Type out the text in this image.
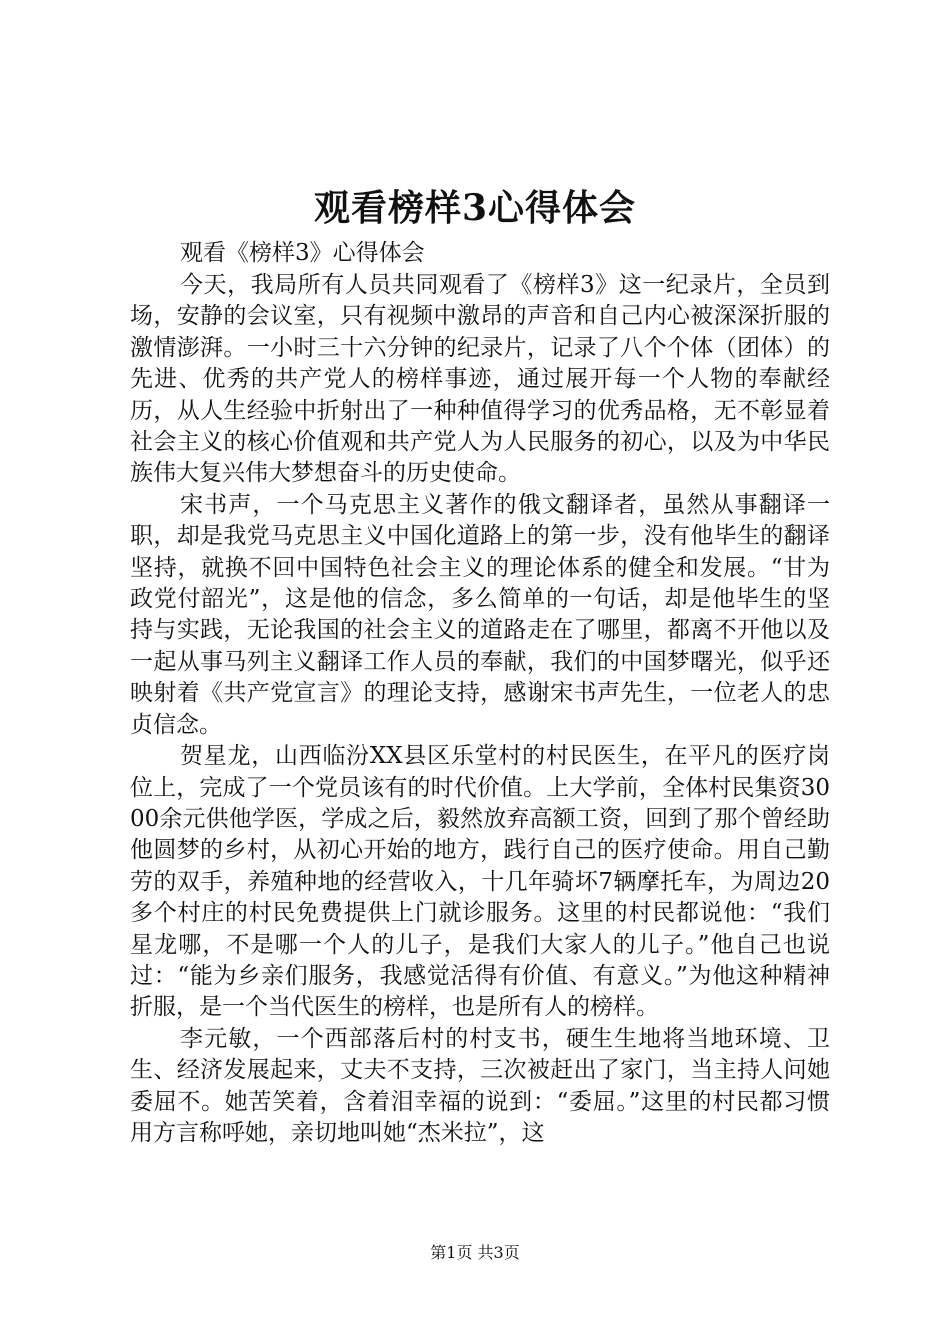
观看榜样3心得体会
观看《榜样3》心得体会

今天，我局所有人员共同观看了《榜样3》这一纪录片，全员到场，安静的会议室，只有视频中激昂的声音和自己内心被深深折服的激情澎湃。一小时三十六分钟的纪录片，记录了八个个体（团体）的先进、优秀的共产党人的榜样事迹，通过展开每一个人物的奉献经历，从人生经验中折射出了一种种值得学习的优秀品格，无不彰显着社会主义的核心价值观和共产党人为人民服务的初心，以及为中华民族伟大复兴伟大梦想奋斗的历史使命。

宋书声，一个马克思主义著作的俄文翻译者，虽然从事翻译一职，却是我党马克思主义中国化道路上的第一步，没有他毕生的翻译坚持，就换不回中国特色社会主义的理论体系的健全和发展。“甘为政党付韶光”，这是他的信念，多么简单的一句话，却是他毕生的坚持与实践，无论我国的社会主义的道路走在了哪里，都离不开他以及一起从事马列主义翻译工作人员的奉献，我们的中国梦曙光，似乎还映射着《共产党宣言》的理论支持，感谢宋书声先生，一位老人的忠贞信念。

贺星龙，山西临汾XX县区乐堂村的村民医生，在平凡的医疗岗位上，完成了一个党员该有的时代价值。上大学前，全体村民集资3000余元供他学医，学成之后，毅然放弃高额工资，回到了那个曾经助他圆梦的乡村，从初心开始的地方，践行自己的医疗使命。用自己勤劳的双手，养殖种地的经营收入，十几年骑坏7辆摩托车，为周边20多个村庄的村民免费提供上门就诊服务。这里的村民都说他：“我们星龙哪，不是哪一个人的儿子，是我们大家人的儿子。”他自己也说过：“能为乡亲们服务，我感觉活得有价值、有意义。”为他这种精神折服，是一个当代医生的榜样，也是所有人的榜样。

李元敏，一个西部落后村的村支书，硬生生地将当地环境、卫生、经济发展起来，丈夫不支持，三次被赶出了家门，当主持人问她委屈不。她苦笑着，含着泪幸福的说到：“委屈。”这里的村民都习惯用方言称呼她，亲切地叫她“杰米拉”，这

第1页 共3页
